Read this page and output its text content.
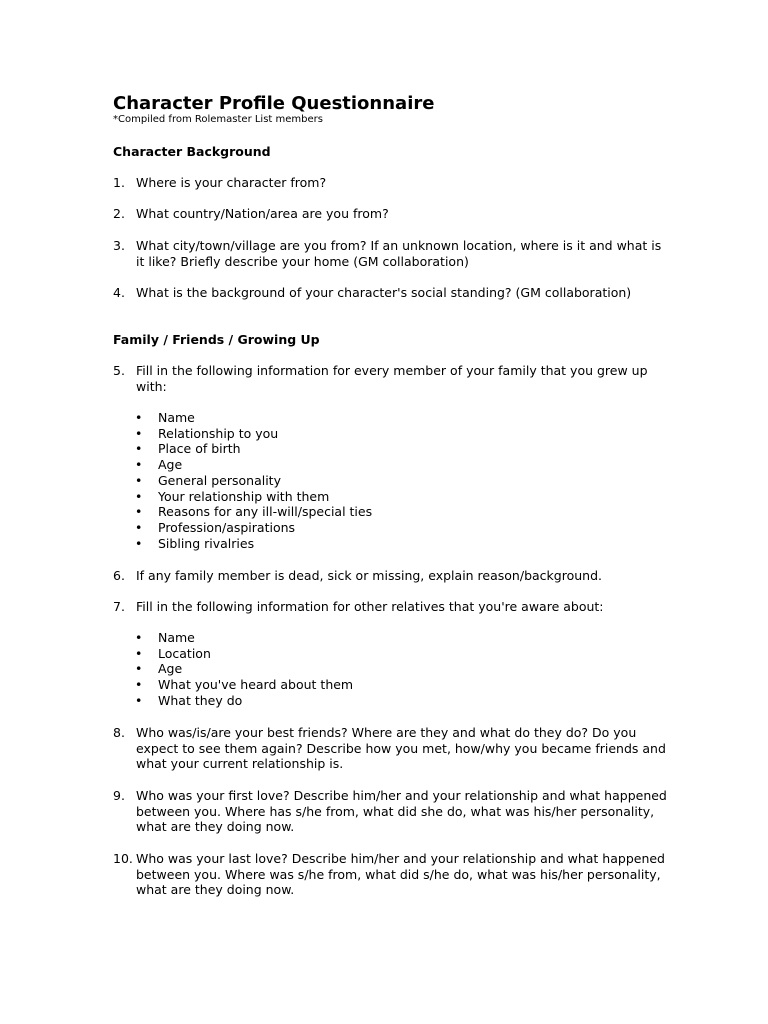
Character Profile Questionnaire

*Compiled from Rolemaster List members

Character Background
1. Where is your character from?
2. What country/Nation/area are you from?
3. What city/town/village are you from? If an unknown location, where is it and what is it like? Briefly describe your home (GM collaboration)
4. What is the background of your character's social standing? (GM collaboration)
Family / Friends / Growing Up
5. Fill in the following information for every member of your family that you grew up with:
• Name
• Relationship to you
• Place of birth
• Age
• General personality
• Your relationship with them
• Reasons for any ill-will/special ties
• Profession/aspirations
• Sibling rivalries
6. If any family member is dead, sick or missing, explain reason/background.
7. Fill in the following information for other relatives that you're aware about:
• Name
• Location
• Age
• What you've heard about them
• What they do
8. Who was/is/are your best friends? Where are they and what do they do? Do you expect to see them again? Describe how you met, how/why you became friends and what your current relationship is.
9. Who was your first love? Describe him/her and your relationship and what happened between you. Where has s/he from, what did she do, what was his/her personality, what are they doing now.
10. Who was your last love? Describe him/her and your relationship and what happened between you. Where was s/he from, what did s/he do, what was his/her personality, what are they doing now.
